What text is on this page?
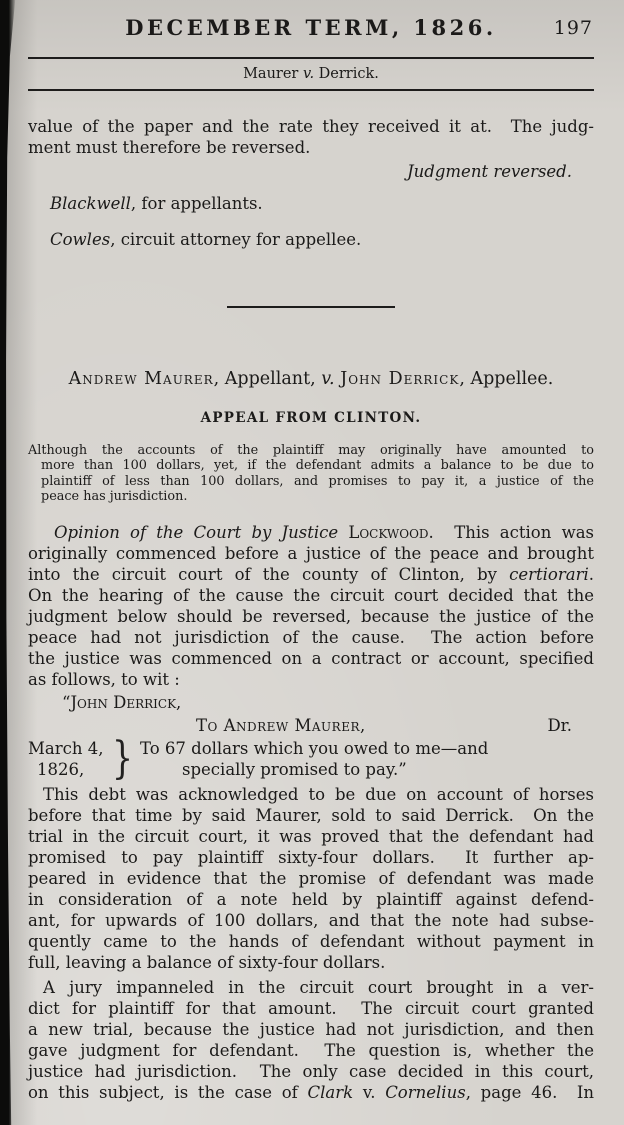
DECEMBER TERM, 1826.	197
Maurer v. Derrick.
value of the paper and the rate they received it at.  The judg-
ment must therefore be reversed.
Judgment reversed.
Blackwell, for appellants.
Cowles, circuit attorney for appellee.
Andrew Maurer, Appellant, v. John Derrick, Appellee.
APPEAL FROM CLINTON.
Although the accounts of the plaintiff may originally have amounted to
more than 100 dollars, yet, if the defendant admits a balance to be due to
plaintiff of less than 100 dollars, and promises to pay it, a justice of the
peace has jurisdiction.
Opinion of the Court by Justice Lockwood.  This action was
originally commenced before a justice of the peace and brought
into the circuit court of the county of Clinton, by certiorari.
On the hearing of the cause the circuit court decided that the
judgment below should be reversed, because the justice of the
peace had not jurisdiction of the cause.  The action before
the justice was commenced on a contract or account, specified
as follows, to wit :
“John Derrick,
To Andrew Maurer,	Dr.
March 4,
1826, } To 67 dollars which you owed to me—and
specially promised to pay.”
This debt was acknowledged to be due on account of horses
before that time by said Maurer, sold to said Derrick.  On the
trial in the circuit court, it was proved that the defendant had
promised to pay plaintiff sixty-four dollars.  It further ap-
peared in evidence that the promise of defendant was made
in consideration of a note held by plaintiff against defend-
ant, for upwards of 100 dollars, and that the note had subse-
quently came to the hands of defendant without payment in
full, leaving a balance of sixty-four dollars.
A jury impanneled in the circuit court brought in a ver-
dict for plaintiff for that amount.  The circuit court granted
a new trial, because the justice had not jurisdiction, and then
gave judgment for defendant.  The question is, whether the
justice had jurisdiction.  The only case decided in this court,
on this subject, is the case of Clark v. Cornelius, page 46.  In
